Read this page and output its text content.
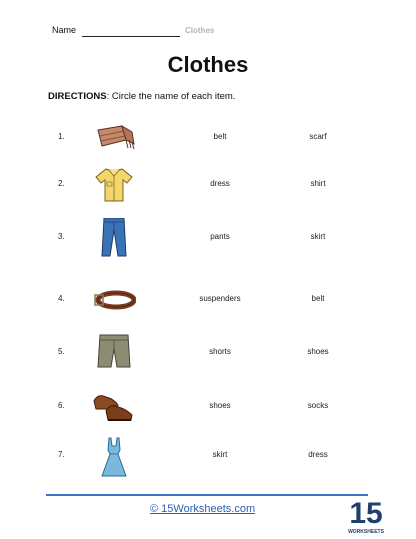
Name	Clothes
Clothes
DIRECTIONS: Circle the name of each item.
1.	belt	scarf
2.	dress	shirt
3.	pants	skirt
4.	suspenders	belt
5.	shorts	shoes
6.	shoes	socks
7.	skirt	dress
© 15Worksheets.com	15
WORKSHEETS
